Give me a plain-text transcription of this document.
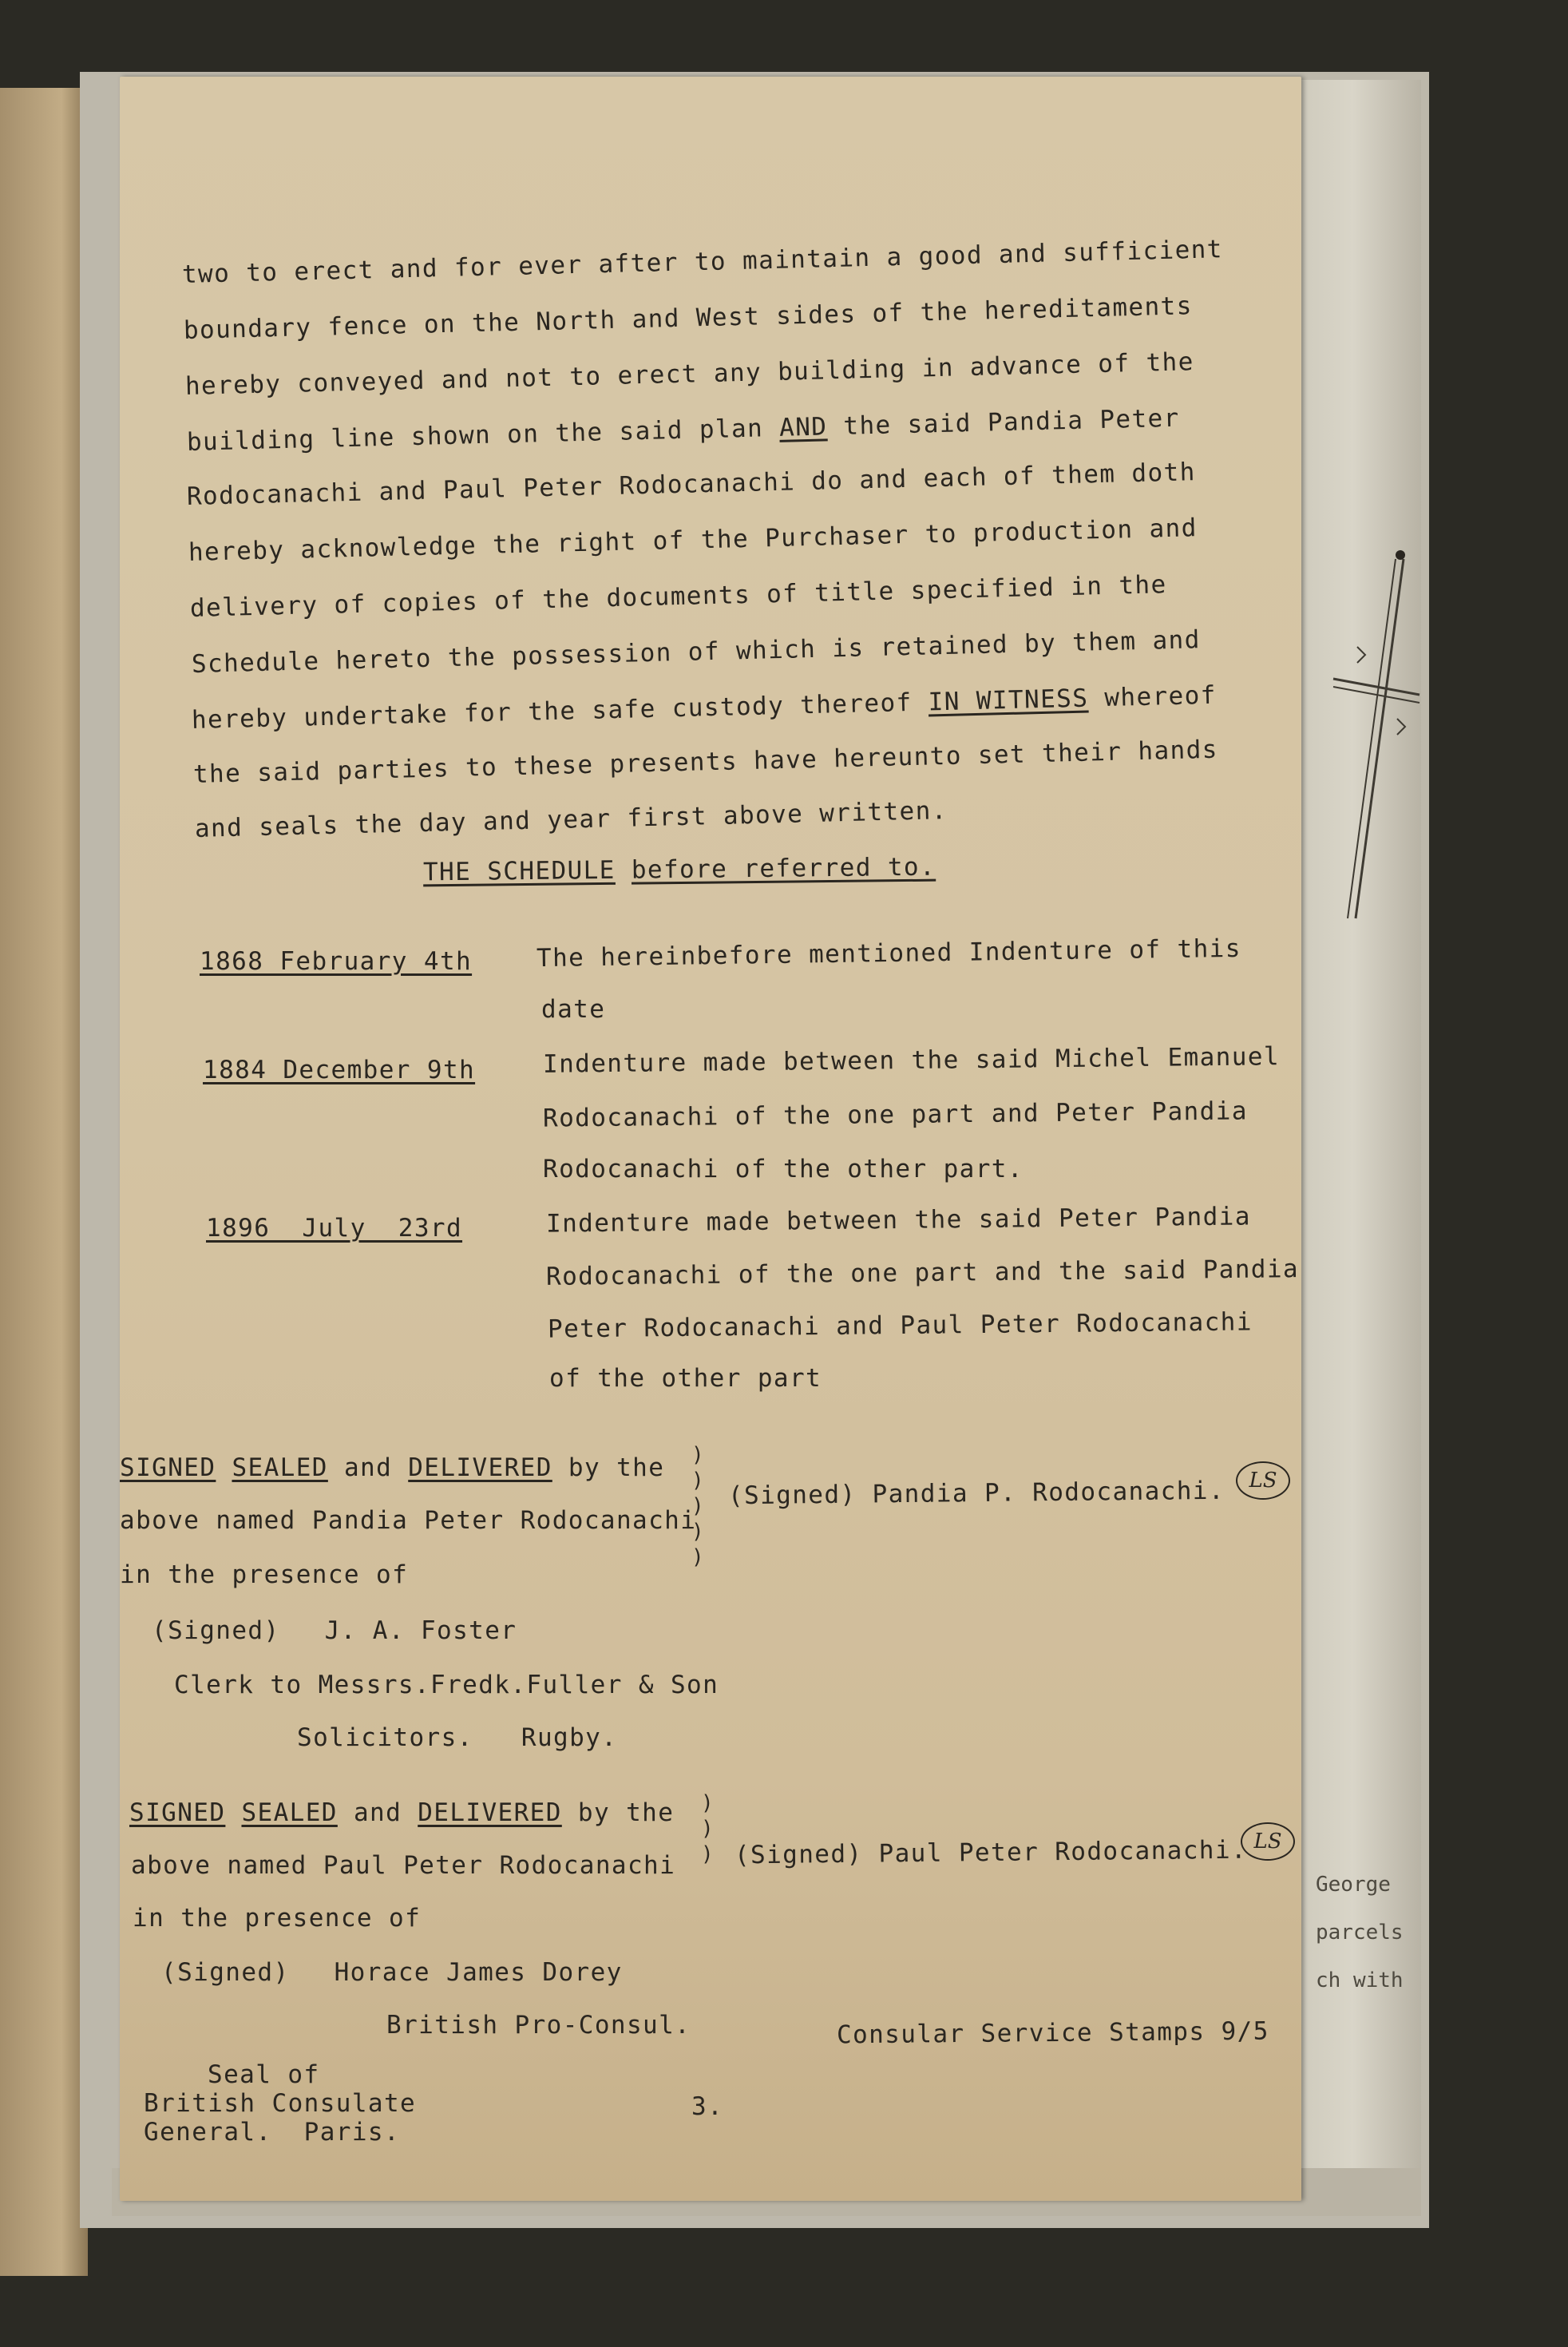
George
parcels
ch with
two to erect and for ever after to maintain a good and sufficient
boundary fence on the North and West sides of the hereditaments
hereby conveyed and not to erect any building in advance of the
building line shown on the said plan AND the said Pandia Peter
Rodocanachi and Paul Peter Rodocanachi do and each of them doth
hereby acknowledge the right of the Purchaser to production and
delivery of copies of the documents of title specified in the
Schedule hereto the possession of which is retained by them and
hereby undertake for the safe custody thereof IN WITNESS whereof
the said parties to these presents have hereunto set their hands
and seals the day and year first above written.
THE SCHEDULE before referred to.
1868 February 4th	The hereinbefore mentioned Indenture of this
date
1884 December 9th	Indenture made between the said Michel Emanuel
Rodocanachi of the one part and Peter Pandia
Rodocanachi of the other part.
1896  July  23rd	Indenture made between the said Peter Pandia
Rodocanachi of the one part and the said Pandia
Peter Rodocanachi and Paul Peter Rodocanachi
of the other part
SIGNED SEALED and DELIVERED by the
above named Pandia Peter Rodocanachi
in the presence of
)
)
)
)
)
(Signed) Pandia P. Rodocanachi.	LS
(Signed) J. A. Foster
Clerk to Messrs.Fredk.Fuller & Son
Solicitors.   Rugby.
SIGNED SEALED and DELIVERED by the
above named Paul Peter Rodocanachi
in the presence of
)
)
) (Signed) Paul Peter Rodocanachi. LS
(Signed) Horace James Dorey
British Pro-Consul.	Consular Service Stamps 9/5
Seal of
British Consulate
General.  Paris.
3.
